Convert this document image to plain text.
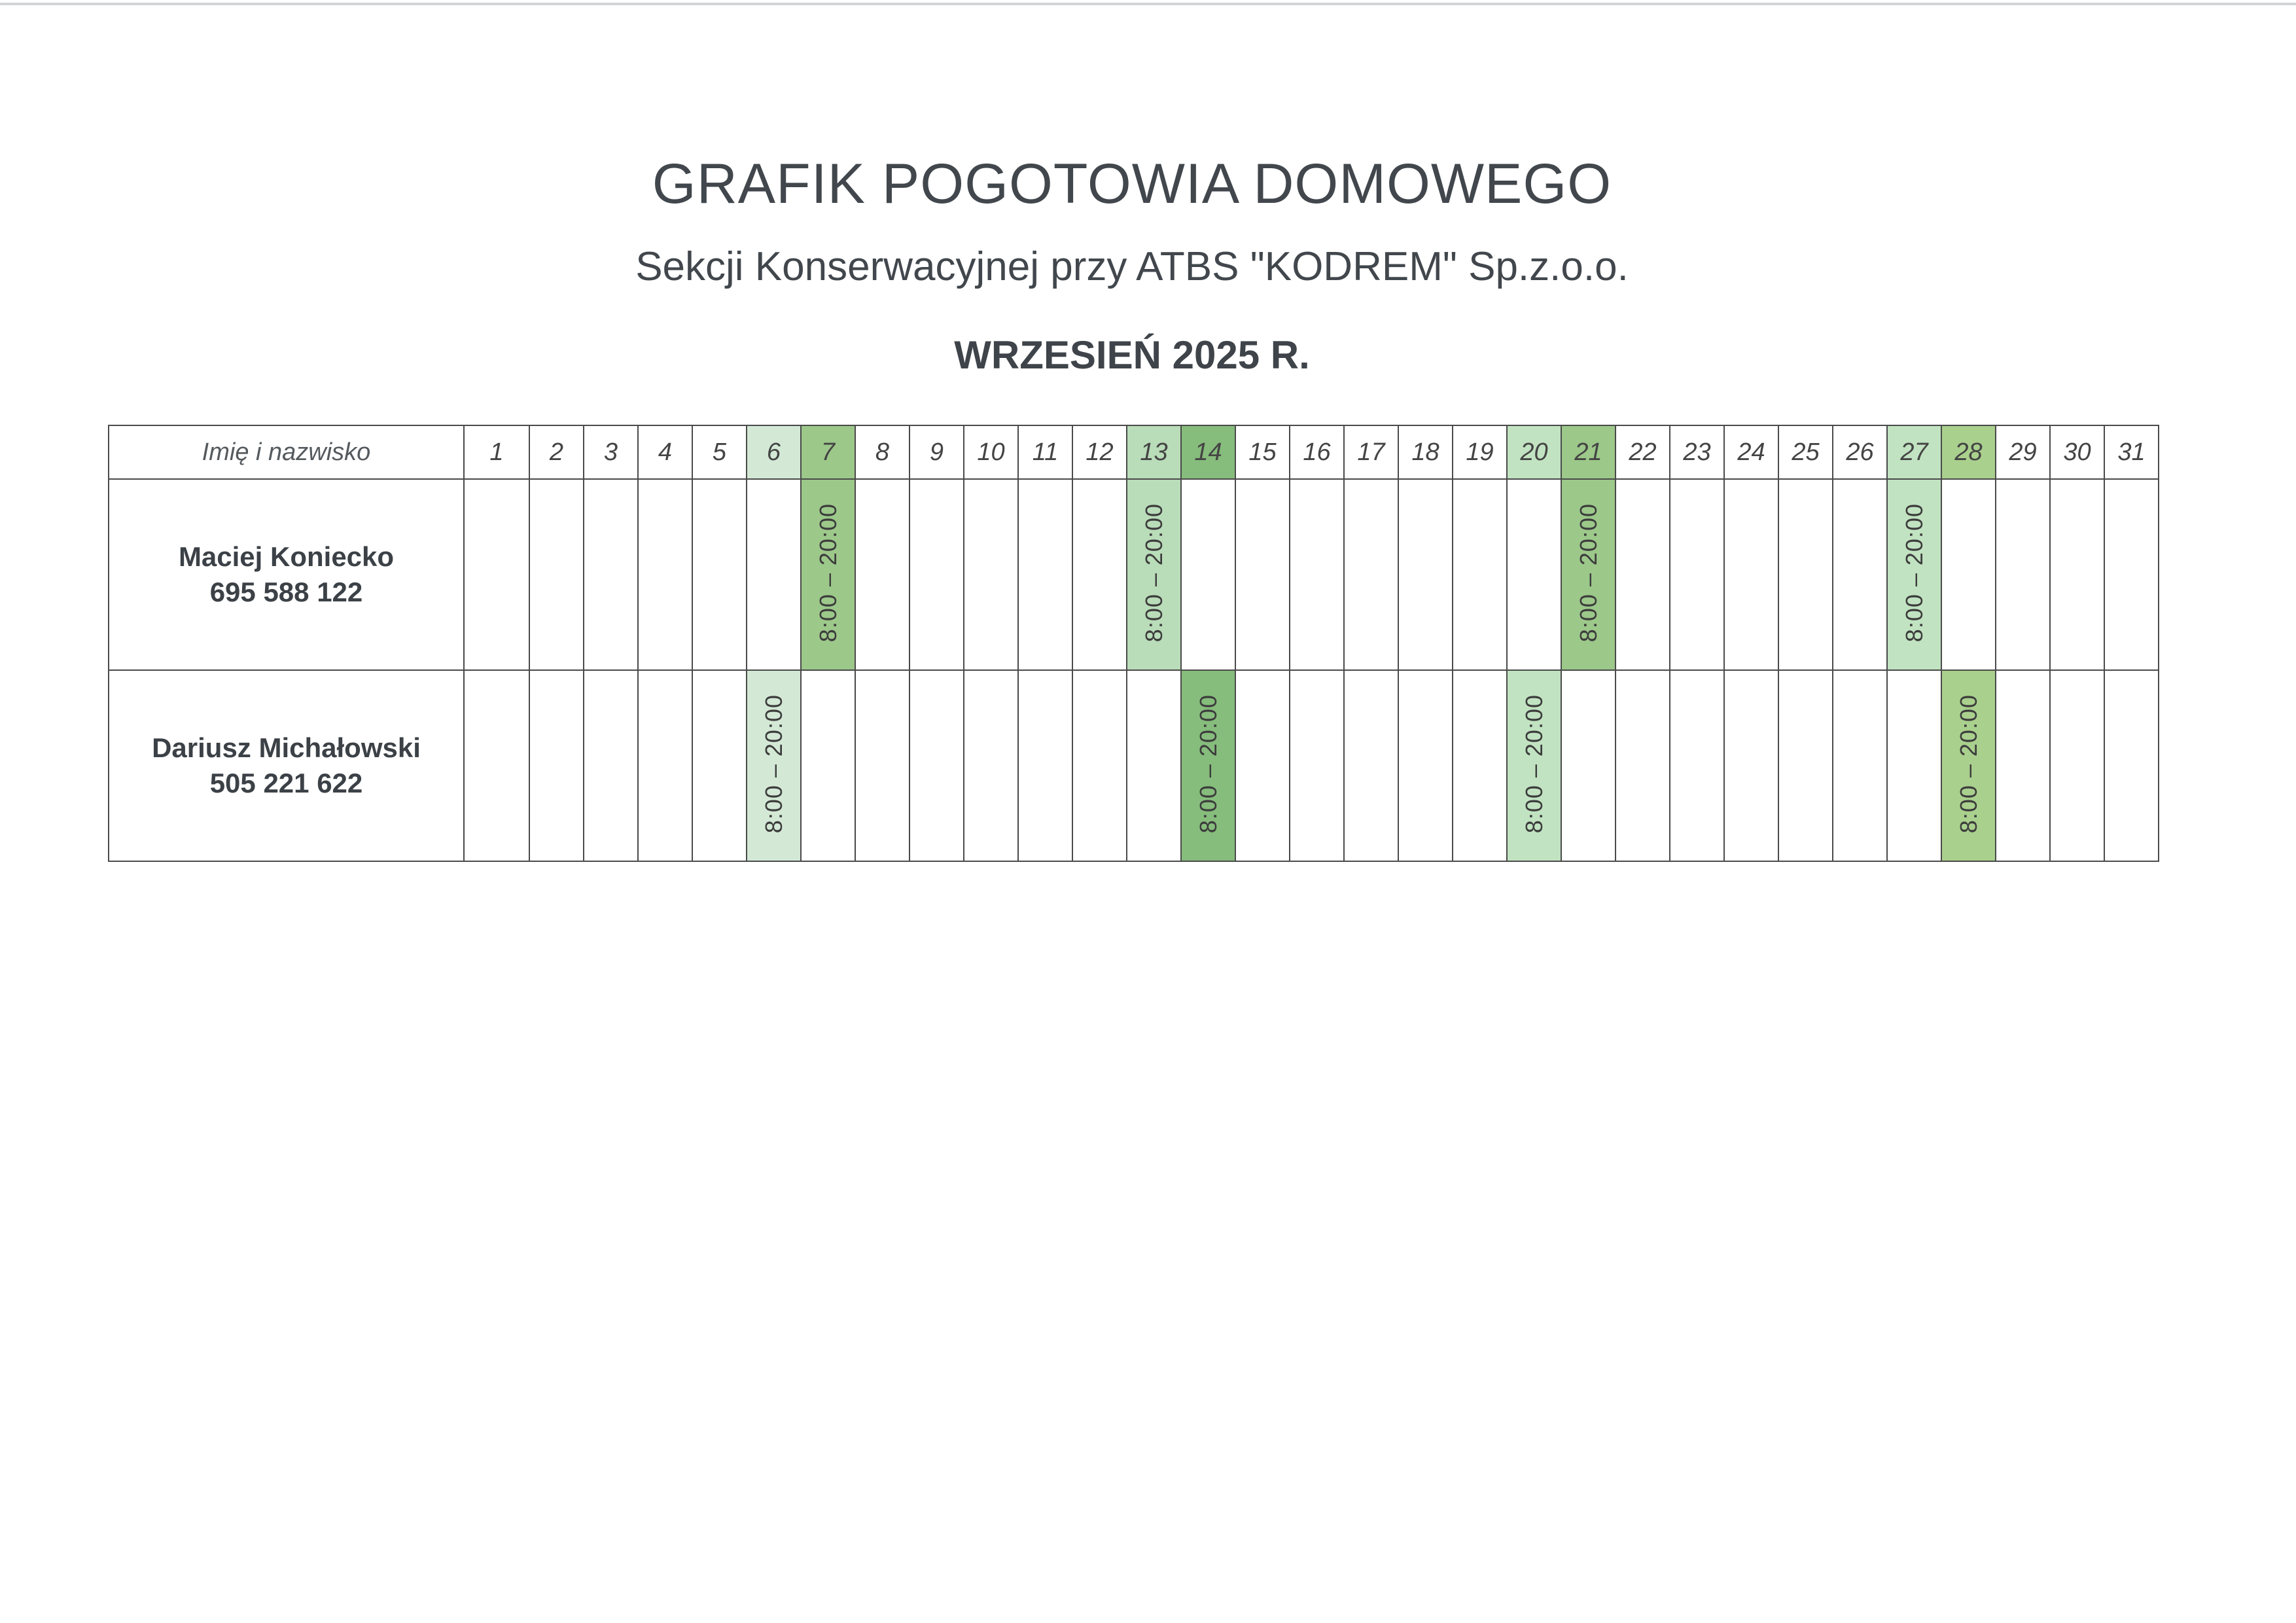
GRAFIK POGOTOWIA DOMOWEGO
Sekcji Konserwacyjnej przy ATBS "KODREM" Sp.z.o.o.
WRZESIEŃ 2025 R.
Imię i nazwisko	1	2	3	4	5	6	7	8	9	10	11	12	13	14	15	16	17	18	19	20	21	22	23	24	25	26	27	28	29	30	31

Maciej Koniecko
695 588 122							8:00 – 20:00						8:00 – 20:00								8:00 – 20:00						8:00 – 20:00				

Dariusz Michałowski
505 221 622						8:00 – 20:00								8:00 – 20:00						8:00 – 20:00								8:00 – 20:00			
